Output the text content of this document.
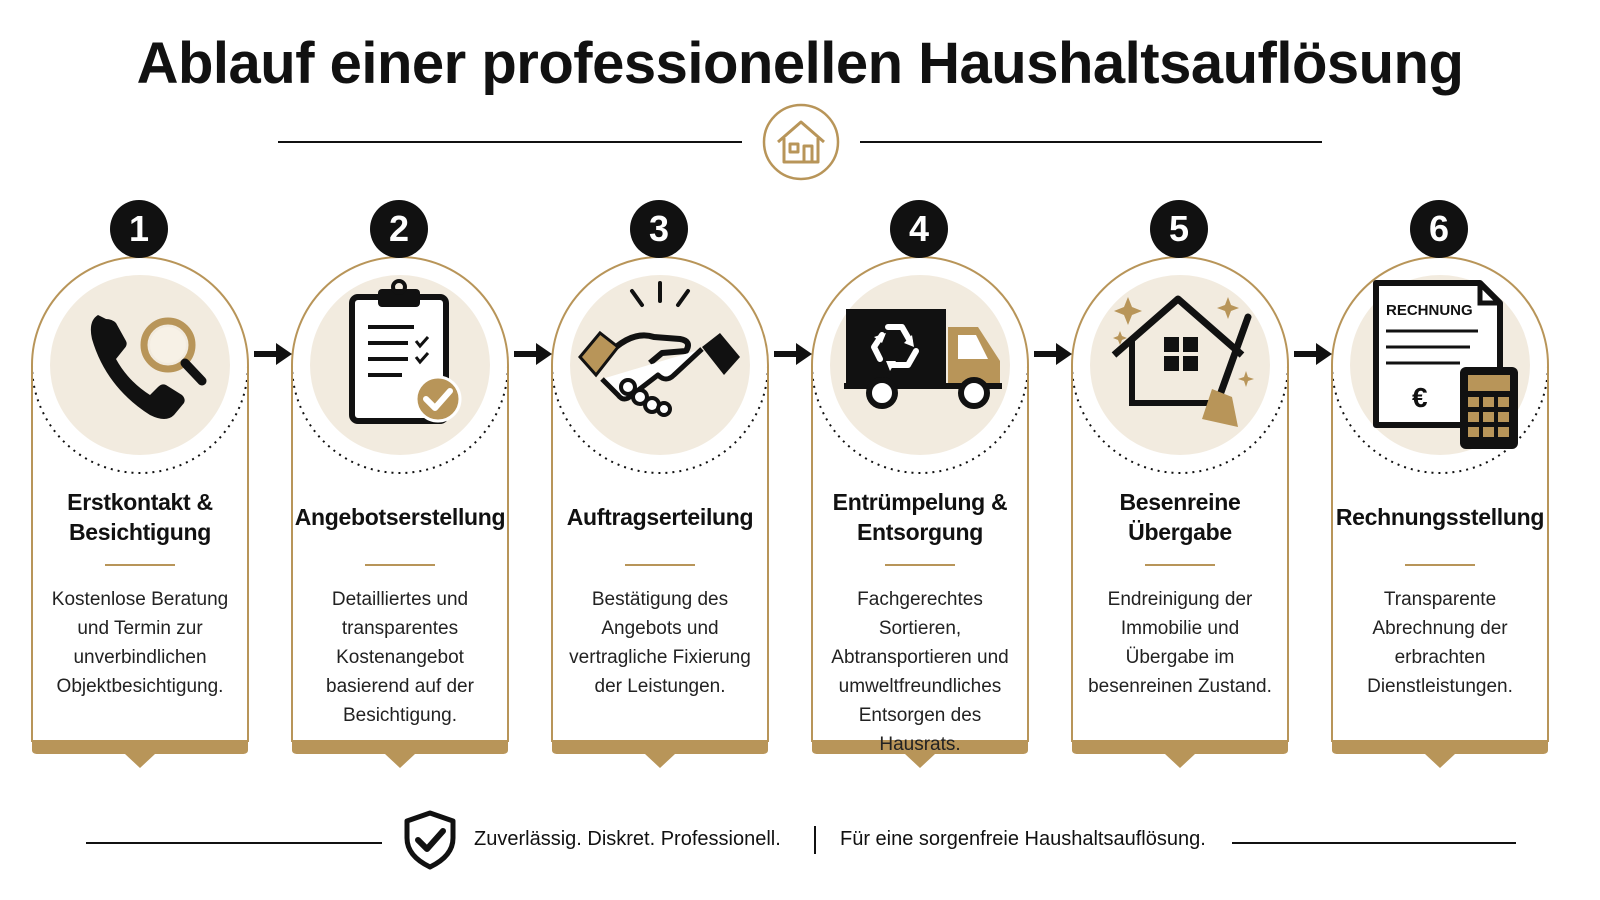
Ablauf einer professionellen Haushaltsauflösung
1
Erstkontakt & Besichtigung
Kostenlose Beratung und Termin zur unverbindlichen Objektbesichtigung.
2
Angebotserstellung
Detailliertes und transparentes Kostenangebot basierend auf der Besichtigung.
3
Auftragserteilung
Bestätigung des Angebots und vertragliche Fixierung der Leistungen.
4
Entrümpelung & Entsorgung
Fachgerechtes Sortieren, Abtransportieren und umweltfreundliches Entsorgen des Hausrats.
5
Besenreine Übergabe
Endreinigung der Immobilie und Übergabe im besenreinen Zustand.
6
RECHNUNG
€
Rechnungsstellung
Transparente Abrechnung der erbrachten Dienstleistungen.
Zuverlässig. Diskret. Professionell.	Für eine sorgenfreie Haushaltsauflösung.
